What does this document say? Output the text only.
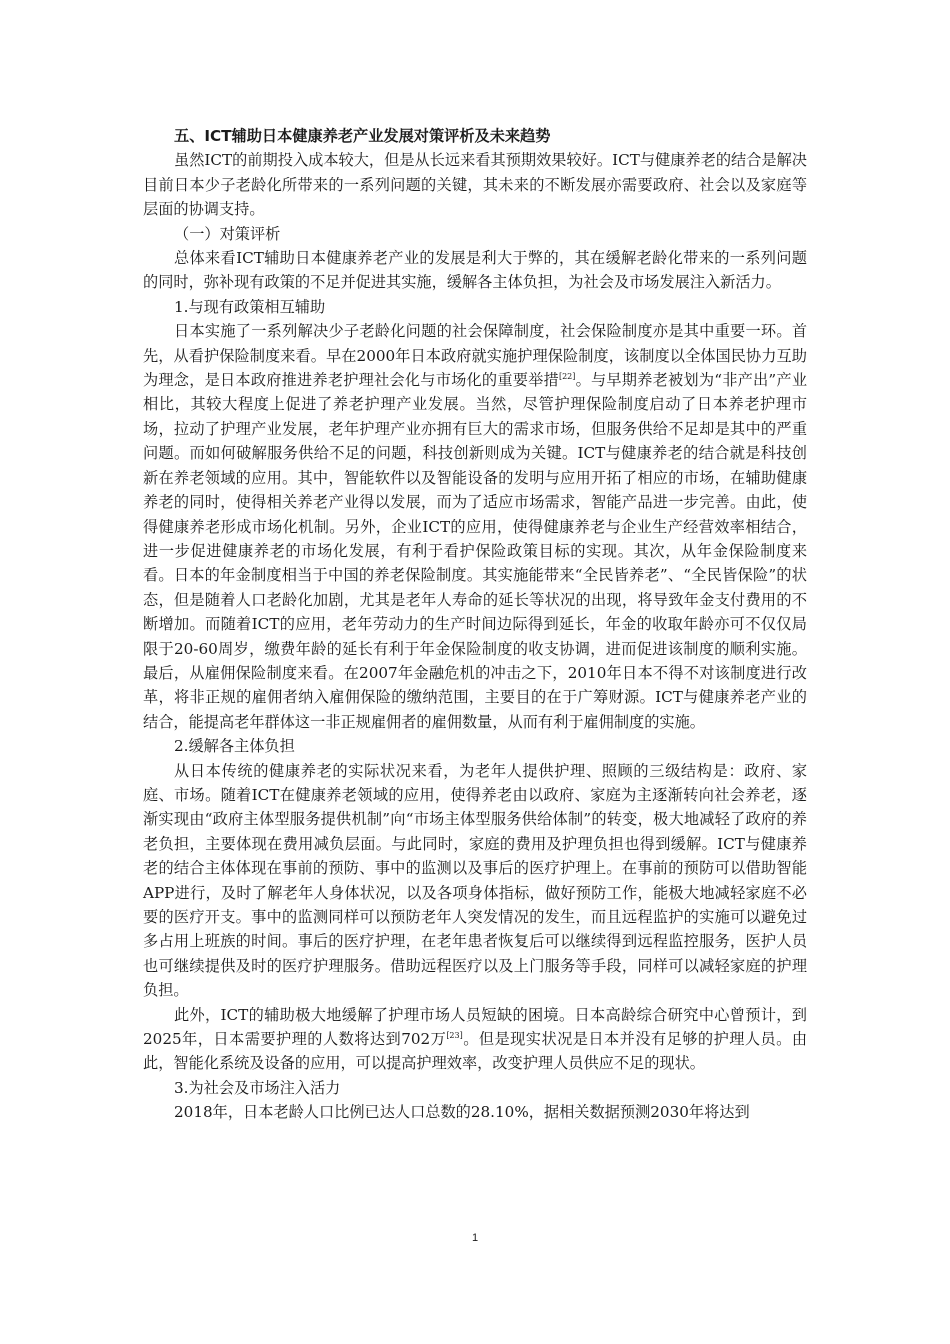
五、ICT辅助日本健康养老产业发展对策评析及未来趋势

虽然ICT的前期投入成本较大，但是从长远来看其预期效果较好。ICT与健康养老的结合是解决目前日本少子老龄化所带来的一系列问题的关键，其未来的不断发展亦需要政府、社会以及家庭等层面的协调支持。

（一）对策评析

总体来看ICT辅助日本健康养老产业的发展是利大于弊的，其在缓解老龄化带来的一系列问题的同时，弥补现有政策的不足并促进其实施，缓解各主体负担，为社会及市场发展注入新活力。

1.与现有政策相互辅助

日本实施了一系列解决少子老龄化问题的社会保障制度，社会保险制度亦是其中重要一环。首先，从看护保险制度来看。早在2000年日本政府就实施护理保险制度，该制度以全体国民协力互助为理念，是日本政府推进养老护理社会化与市场化的重要举措[22]。与早期养老被划为“非产出”产业相比，其较大程度上促进了养老护理产业发展。当然，尽管护理保险制度启动了日本养老护理市场，拉动了护理产业发展，老年护理产业亦拥有巨大的需求市场，但服务供给不足却是其中的严重问题。而如何破解服务供给不足的问题，科技创新则成为关键。ICT与健康养老的结合就是科技创新在养老领域的应用。其中，智能软件以及智能设备的发明与应用开拓了相应的市场，在辅助健康养老的同时，使得相关养老产业得以发展，而为了适应市场需求，智能产品进一步完善。由此，使得健康养老形成市场化机制。另外，企业ICT的应用，使得健康养老与企业生产经营效率相结合，进一步促进健康养老的市场化发展，有利于看护保险政策目标的实现。其次，从年金保险制度来看。日本的年金制度相当于中国的养老保险制度。其实施能带来“全民皆养老”、“全民皆保险”的状态，但是随着人口老龄化加剧，尤其是老年人寿命的延长等状况的出现，将导致年金支付费用的不断增加。而随着ICT的应用，老年劳动力的生产时间边际得到延长，年金的收取年龄亦可不仅仅局限于20-60周岁，缴费年龄的延长有利于年金保险制度的收支协调，进而促进该制度的顺利实施。最后，从雇佣保险制度来看。在2007年金融危机的冲击之下，2010年日本不得不对该制度进行改革，将非正规的雇佣者纳入雇佣保险的缴纳范围，主要目的在于广筹财源。ICT与健康养老产业的结合，能提高老年群体这一非正规雇佣者的雇佣数量，从而有利于雇佣制度的实施。

2.缓解各主体负担

从日本传统的健康养老的实际状况来看，为老年人提供护理、照顾的三级结构是：政府、家庭、市场。随着ICT在健康养老领域的应用，使得养老由以政府、家庭为主逐渐转向社会养老，逐渐实现由“政府主体型服务提供机制”向“市场主体型服务供给体制”的转变，极大地减轻了政府的养老负担，主要体现在费用减负层面。与此同时，家庭的费用及护理负担也得到缓解。ICT与健康养老的结合主体体现在事前的预防、事中的监测以及事后的医疗护理上。在事前的预防可以借助智能APP进行，及时了解老年人身体状况，以及各项身体指标，做好预防工作，能极大地减轻家庭不必要的医疗开支。事中的监测同样可以预防老年人突发情况的发生，而且远程监护的实施可以避免过多占用上班族的时间。事后的医疗护理，在老年患者恢复后可以继续得到远程监控服务，医护人员也可继续提供及时的医疗护理服务。借助远程医疗以及上门服务等手段，同样可以减轻家庭的护理负担。

此外，ICT的辅助极大地缓解了护理市场人员短缺的困境。日本高龄综合研究中心曾预计，到2025年，日本需要护理的人数将达到702万[23]。但是现实状况是日本并没有足够的护理人员。由此，智能化系统及设备的应用，可以提高护理效率，改变护理人员供应不足的现状。

3.为社会及市场注入活力

2018年，日本老龄人口比例已达人口总数的28.10%，据相关数据预测2030年将达到

1
